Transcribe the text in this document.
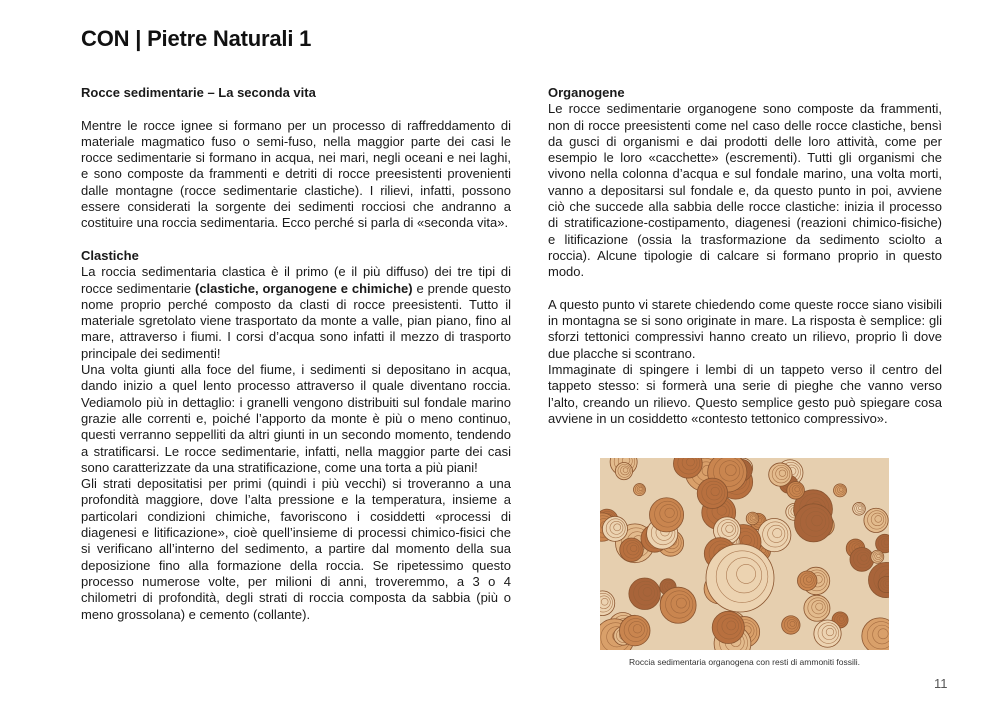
CON | Pietre Naturali 1
Rocce sedimentarie – La seconda vita

Mentre le rocce ignee si formano per un processo di raffreddamento di materiale magmatico fuso o semi-fuso, nella maggior parte dei casi le rocce sedimentarie si formano in acqua, nei mari, negli oceani e nei laghi, e sono composte da frammenti e detriti di rocce preesistenti provenienti dalle montagne (rocce sedimentarie clastiche). I rilievi, infatti, possono essere considerati la sorgente dei sedimenti rocciosi che andranno a costituire una roccia sedimentaria. Ecco perché si parla di «seconda vita».

Clastiche

La roccia sedimentaria clastica è il primo (e il più diffuso) dei tre tipi di rocce sedimentarie (clastiche, organogene e chimiche) e prende questo nome proprio perché composto da clasti di rocce preesistenti. Tutto il materiale sgretolato viene trasportato da monte a valle, pian piano, fino al mare, attraverso i fiumi. I corsi d’acqua sono infatti il mezzo di trasporto principale dei sedimenti!

Una volta giunti alla foce del fiume, i sedimenti si depositano in acqua, dando inizio a quel lento processo attraverso il quale diventano roccia. Vediamolo più in dettaglio: i granelli vengono distribuiti sul fondale marino grazie alle correnti e, poiché l’apporto da monte è più o meno continuo, questi verranno seppelliti da altri giunti in un secondo momento, tendendo a stratificarsi. Le rocce sedimentarie, infatti, nella maggior parte dei casi sono caratterizzate da una stratificazione, come una torta a più piani!

Gli strati depositatisi per primi (quindi i più vecchi) si troveranno a una profondità maggiore, dove l’alta pressione e la temperatura, insieme a particolari condizioni chimiche, favoriscono i cosiddetti «processi di diagenesi e litificazione», cioè quell’insieme di processi chimico-fisici che si verificano all’interno del sedimento, a partire dal momento della sua deposizione fino alla formazione della roccia. Se ripetessimo questo processo numerose volte, per milioni di anni, troveremmo, a 3 o 4 chilometri di profondità, degli strati di roccia composta da sabbia (più o meno grossolana) e cemento (collante).

Organogene

Le rocce sedimentarie organogene sono composte da frammenti, non di rocce preesistenti come nel caso delle rocce clastiche, bensì da gusci di organismi e dai prodotti delle loro attività, come per esempio le loro «cacchette» (escrementi). Tutti gli organismi che vivono nella colonna d’acqua e sul fondale marino, una volta morti, vanno a depositarsi sul fondale e, da questo punto in poi, avviene ciò che succede alla sabbia delle rocce clastiche: inizia il processo di stratificazione-costipamento, diagenesi (reazioni chimico-fisiche) e litificazione (ossia la trasformazione da sedimento sciolto a roccia). Alcune tipologie di calcare si formano proprio in questo modo.

A questo punto vi starete chiedendo come queste rocce siano visibili in montagna se si sono originate in mare. La risposta è semplice: gli sforzi tettonici compressivi hanno creato un rilievo, proprio lì dove due placche si scontrano.

Immaginate di spingere i lembi di un tappeto verso il centro del tappeto stesso: si formerà una serie di pieghe che vanno verso l’alto, creando un rilievo. Questo semplice gesto può spiegare cosa avviene in un cosiddetto «contesto tettonico compressivo».

Roccia sedimentaria organogena con resti di ammoniti fossili.
11
